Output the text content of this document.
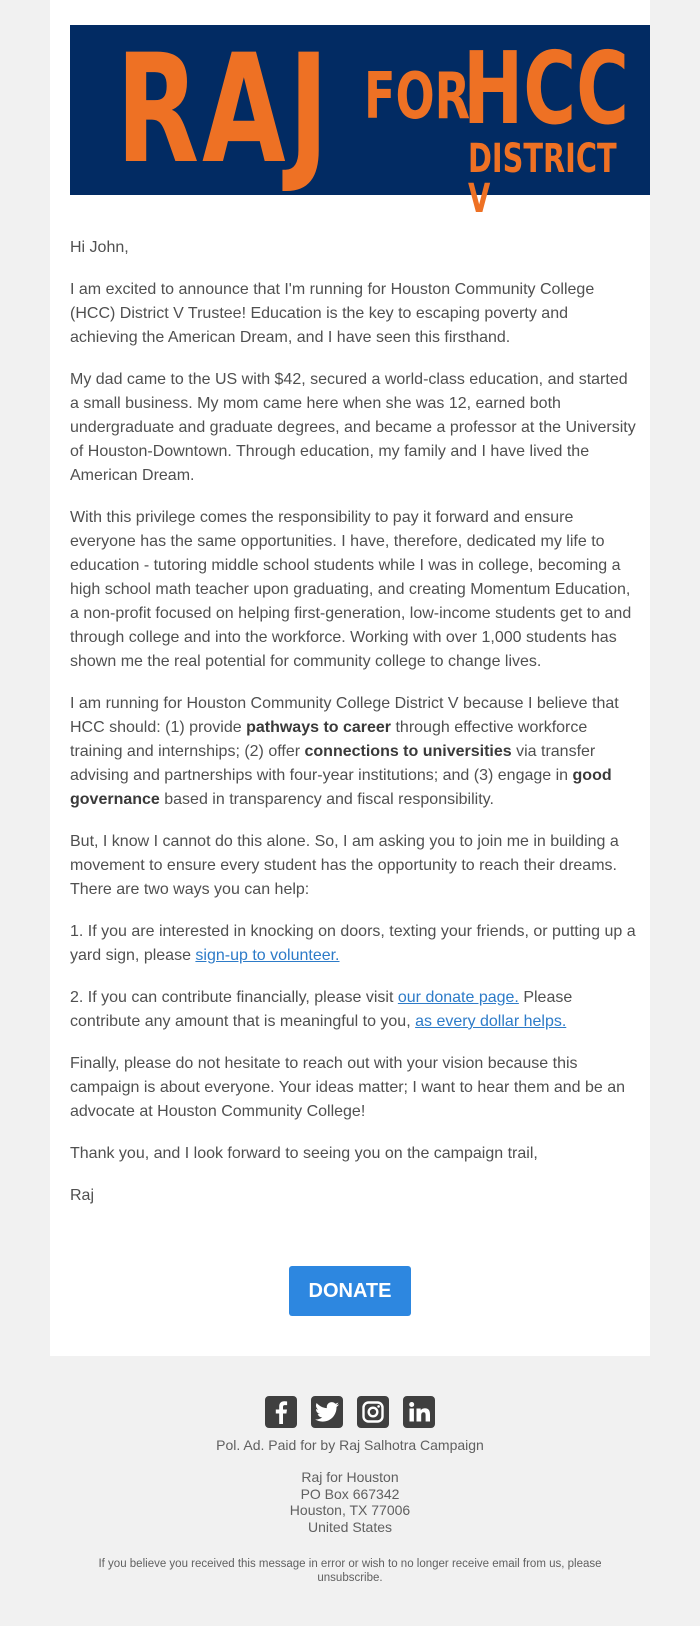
RAJ FOR
HCC
DISTRICT V

Hi John,

I am excited to announce that I'm running for Houston Community College (HCC) District V Trustee! Education is the key to escaping poverty and achieving the American Dream, and I have seen this firsthand.

My dad came to the US with $42, secured a world-class education, and started a small business. My mom came here when she was 12, earned both undergraduate and graduate degrees, and became a professor at the University of Houston-Downtown. Through education, my family and I have lived the American Dream.

With this privilege comes the responsibility to pay it forward and ensure everyone has the same opportunities. I have, therefore, dedicated my life to education - tutoring middle school students while I was in college, becoming a high school math teacher upon graduating, and creating Momentum Education, a non-profit focused on helping first-generation, low-income students get to and through college and into the workforce. Working with over 1,000 students has shown me the real potential for community college to change lives.

I am running for Houston Community College District V because I believe that HCC should: (1) provide pathways to career through effective workforce training and internships; (2) offer connections to universities via transfer advising and partnerships with four-year institutions; and (3) engage in good governance based in transparency and fiscal responsibility.

But, I know I cannot do this alone. So, I am asking you to join me in building a movement to ensure every student has the opportunity to reach their dreams. There are two ways you can help:

1. If you are interested in knocking on doors, texting your friends, or putting up a yard sign, please sign-up to volunteer.

2. If you can contribute financially, please visit our donate page. Please contribute any amount that is meaningful to you, as every dollar helps.

Finally, please do not hesitate to reach out with your vision because this campaign is about everyone. Your ideas matter; I want to hear them and be an advocate at Houston Community College!

Thank you, and I look forward to seeing you on the campaign trail,

Raj

DONATE
Pol. Ad. Paid for by Raj Salhotra Campaign
Raj for Houston
PO Box 667342
Houston, TX 77006
United States
If you believe you received this message in error or wish to no longer receive email from us, please unsubscribe.
